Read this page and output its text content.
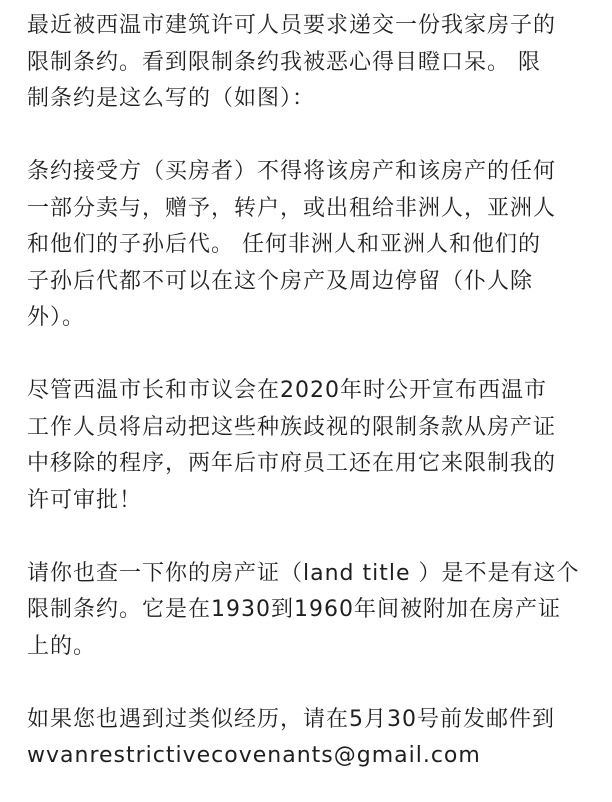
最近被西温市建筑许可人员要求递交一份我家房子的
限制条约。看到限制条约我被恶心得目瞪口呆。 限
制条约是这么写的（如图）：
条约接受方（买房者）不得将该房产和该房产的任何
一部分卖与，赠予，转户，或出租给非洲人，亚洲人
和他们的子孙后代。 任何非洲人和亚洲人和他们的
子孙后代都不可以在这个房产及周边停留（仆人除
外）。
尽管西温市长和市议会在2020年时公开宣布西温市
工作人员将启动把这些种族歧视的限制条款从房产证
中移除的程序，两年后市府员工还在用它来限制我的
许可审批！
请你也查一下你的房产证（land title ）是不是有这个
限制条约。它是在1930到1960年间被附加在房产证
上的。
如果您也遇到过类似经历，请在5月30号前发邮件到
wvanrestrictivecovenants@gmail.com
